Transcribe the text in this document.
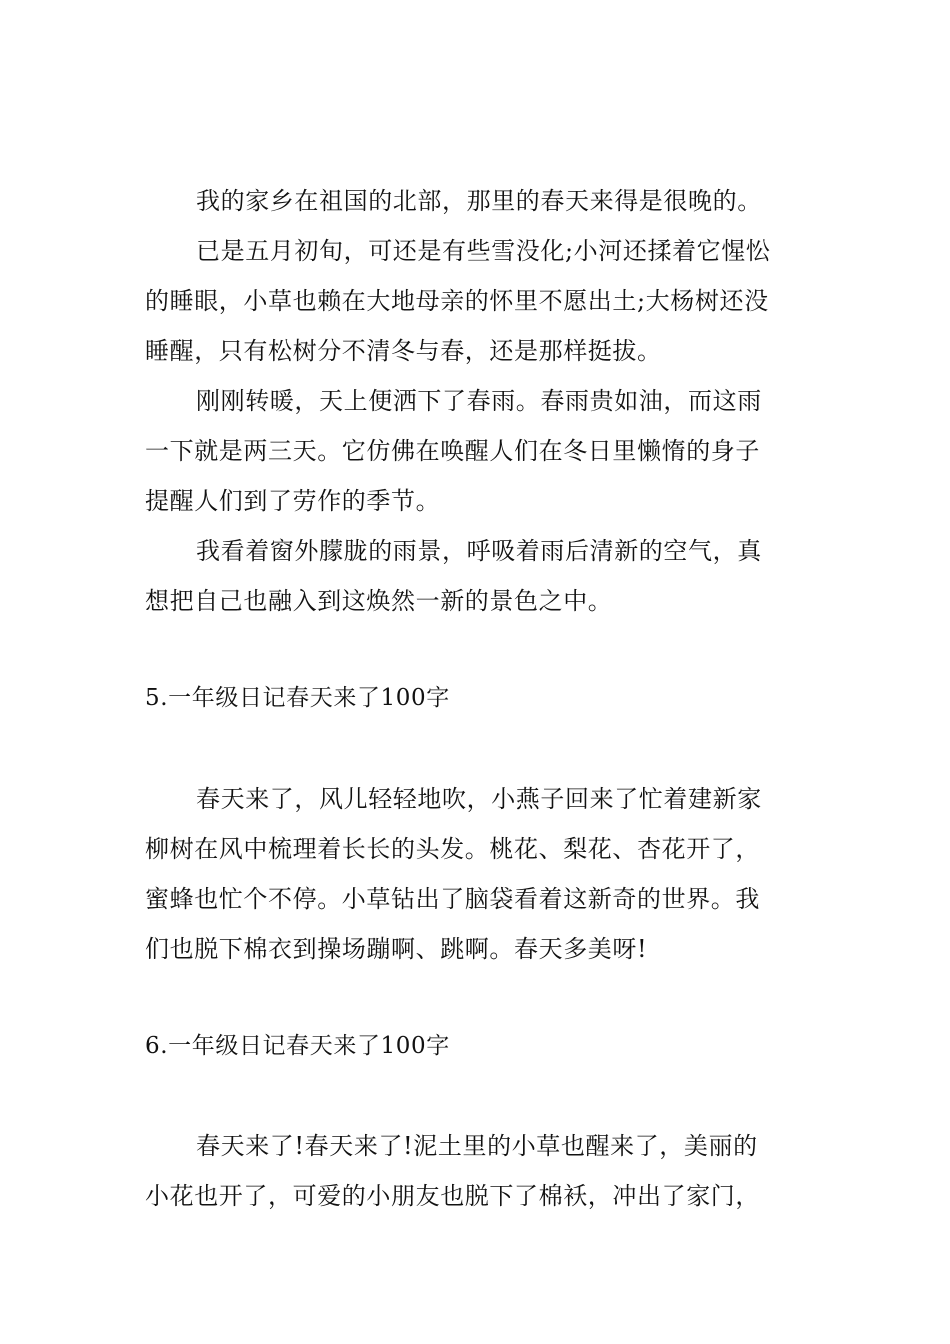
我的家乡在祖国的北部，那里的春天来得是很晚的。
已是五月初旬，可还是有些雪没化;小河还揉着它惺忪
的睡眼，小草也赖在大地母亲的怀里不愿出土;大杨树还没
睡醒，只有松树分不清冬与春，还是那样挺拔。
刚刚转暖，天上便洒下了春雨。春雨贵如油，而这雨
一下就是两三天。它仿佛在唤醒人们在冬日里懒惰的身子
提醒人们到了劳作的季节。
我看着窗外朦胧的雨景，呼吸着雨后清新的空气，真
想把自己也融入到这焕然一新的景色之中。
5.一年级日记春天来了100字
春天来了，风儿轻轻地吹，小燕子回来了忙着建新家
柳树在风中梳理着长长的头发。桃花、梨花、杏花开了，
蜜蜂也忙个不停。小草钻出了脑袋看着这新奇的世界。我
们也脱下棉衣到操场蹦啊、跳啊。春天多美呀!
6.一年级日记春天来了100字
春天来了!春天来了!泥土里的小草也醒来了，美丽的
小花也开了，可爱的小朋友也脱下了棉袄，冲出了家门，
